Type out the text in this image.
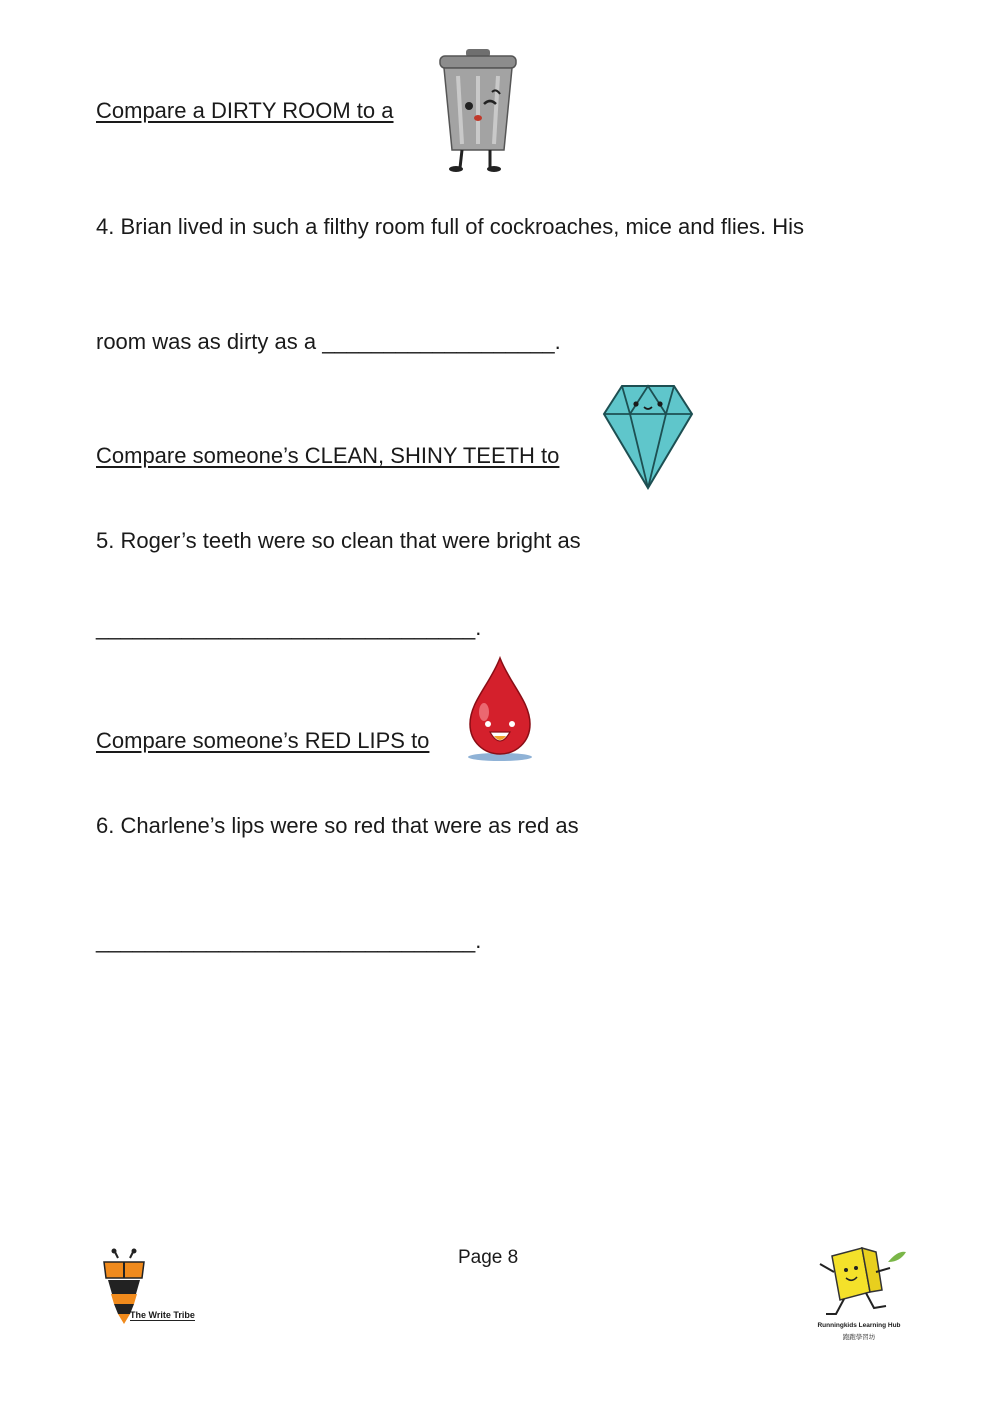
Compare a DIRTY ROOM to a
4. Brian lived in such a filthy room full of cockroaches, mice and flies. His
room was as dirty as a ___________________.
Compare someone’s CLEAN, SHINY TEETH to
5. Roger’s teeth were so clean that were bright as
_______________________________.
Compare someone’s RED LIPS to
6. Charlene’s lips were so red that were as red as
_______________________________.
Page 8
The Write Tribe
Runningkids Learning Hub
跑跑學習坊
